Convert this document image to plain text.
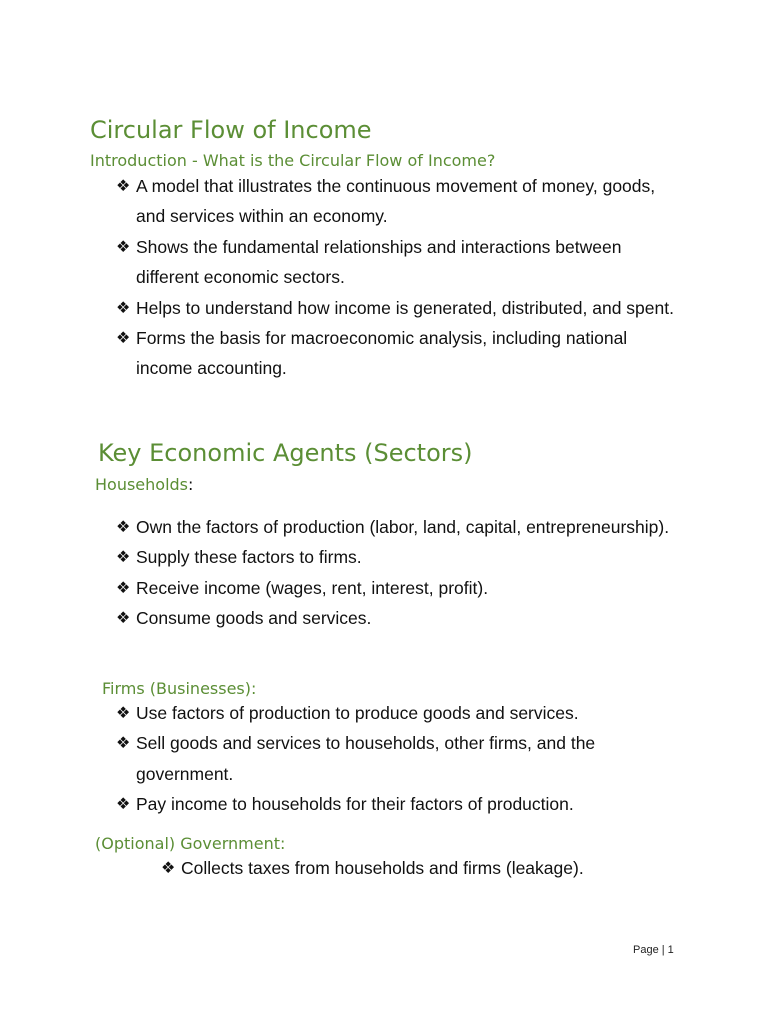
Circular Flow of Income
Introduction - What is the Circular Flow of Income?
❖ A model that illustrates the continuous movement of money, goods, and services within an economy.
❖ Shows the fundamental relationships and interactions between different economic sectors.
❖ Helps to understand how income is generated, distributed, and spent.
❖ Forms the basis for macroeconomic analysis, including national income accounting.
Key Economic Agents (Sectors)
Households:
❖ Own the factors of production (labor, land, capital, entrepreneurship).
❖ Supply these factors to firms.
❖ Receive income (wages, rent, interest, profit).
❖ Consume goods and services.
Firms (Businesses):
❖ Use factors of production to produce goods and services.
❖ Sell goods and services to households, other firms, and the government.
❖ Pay income to households for their factors of production.
(Optional) Government:
❖ Collects taxes from households and firms (leakage).
Page | 1
